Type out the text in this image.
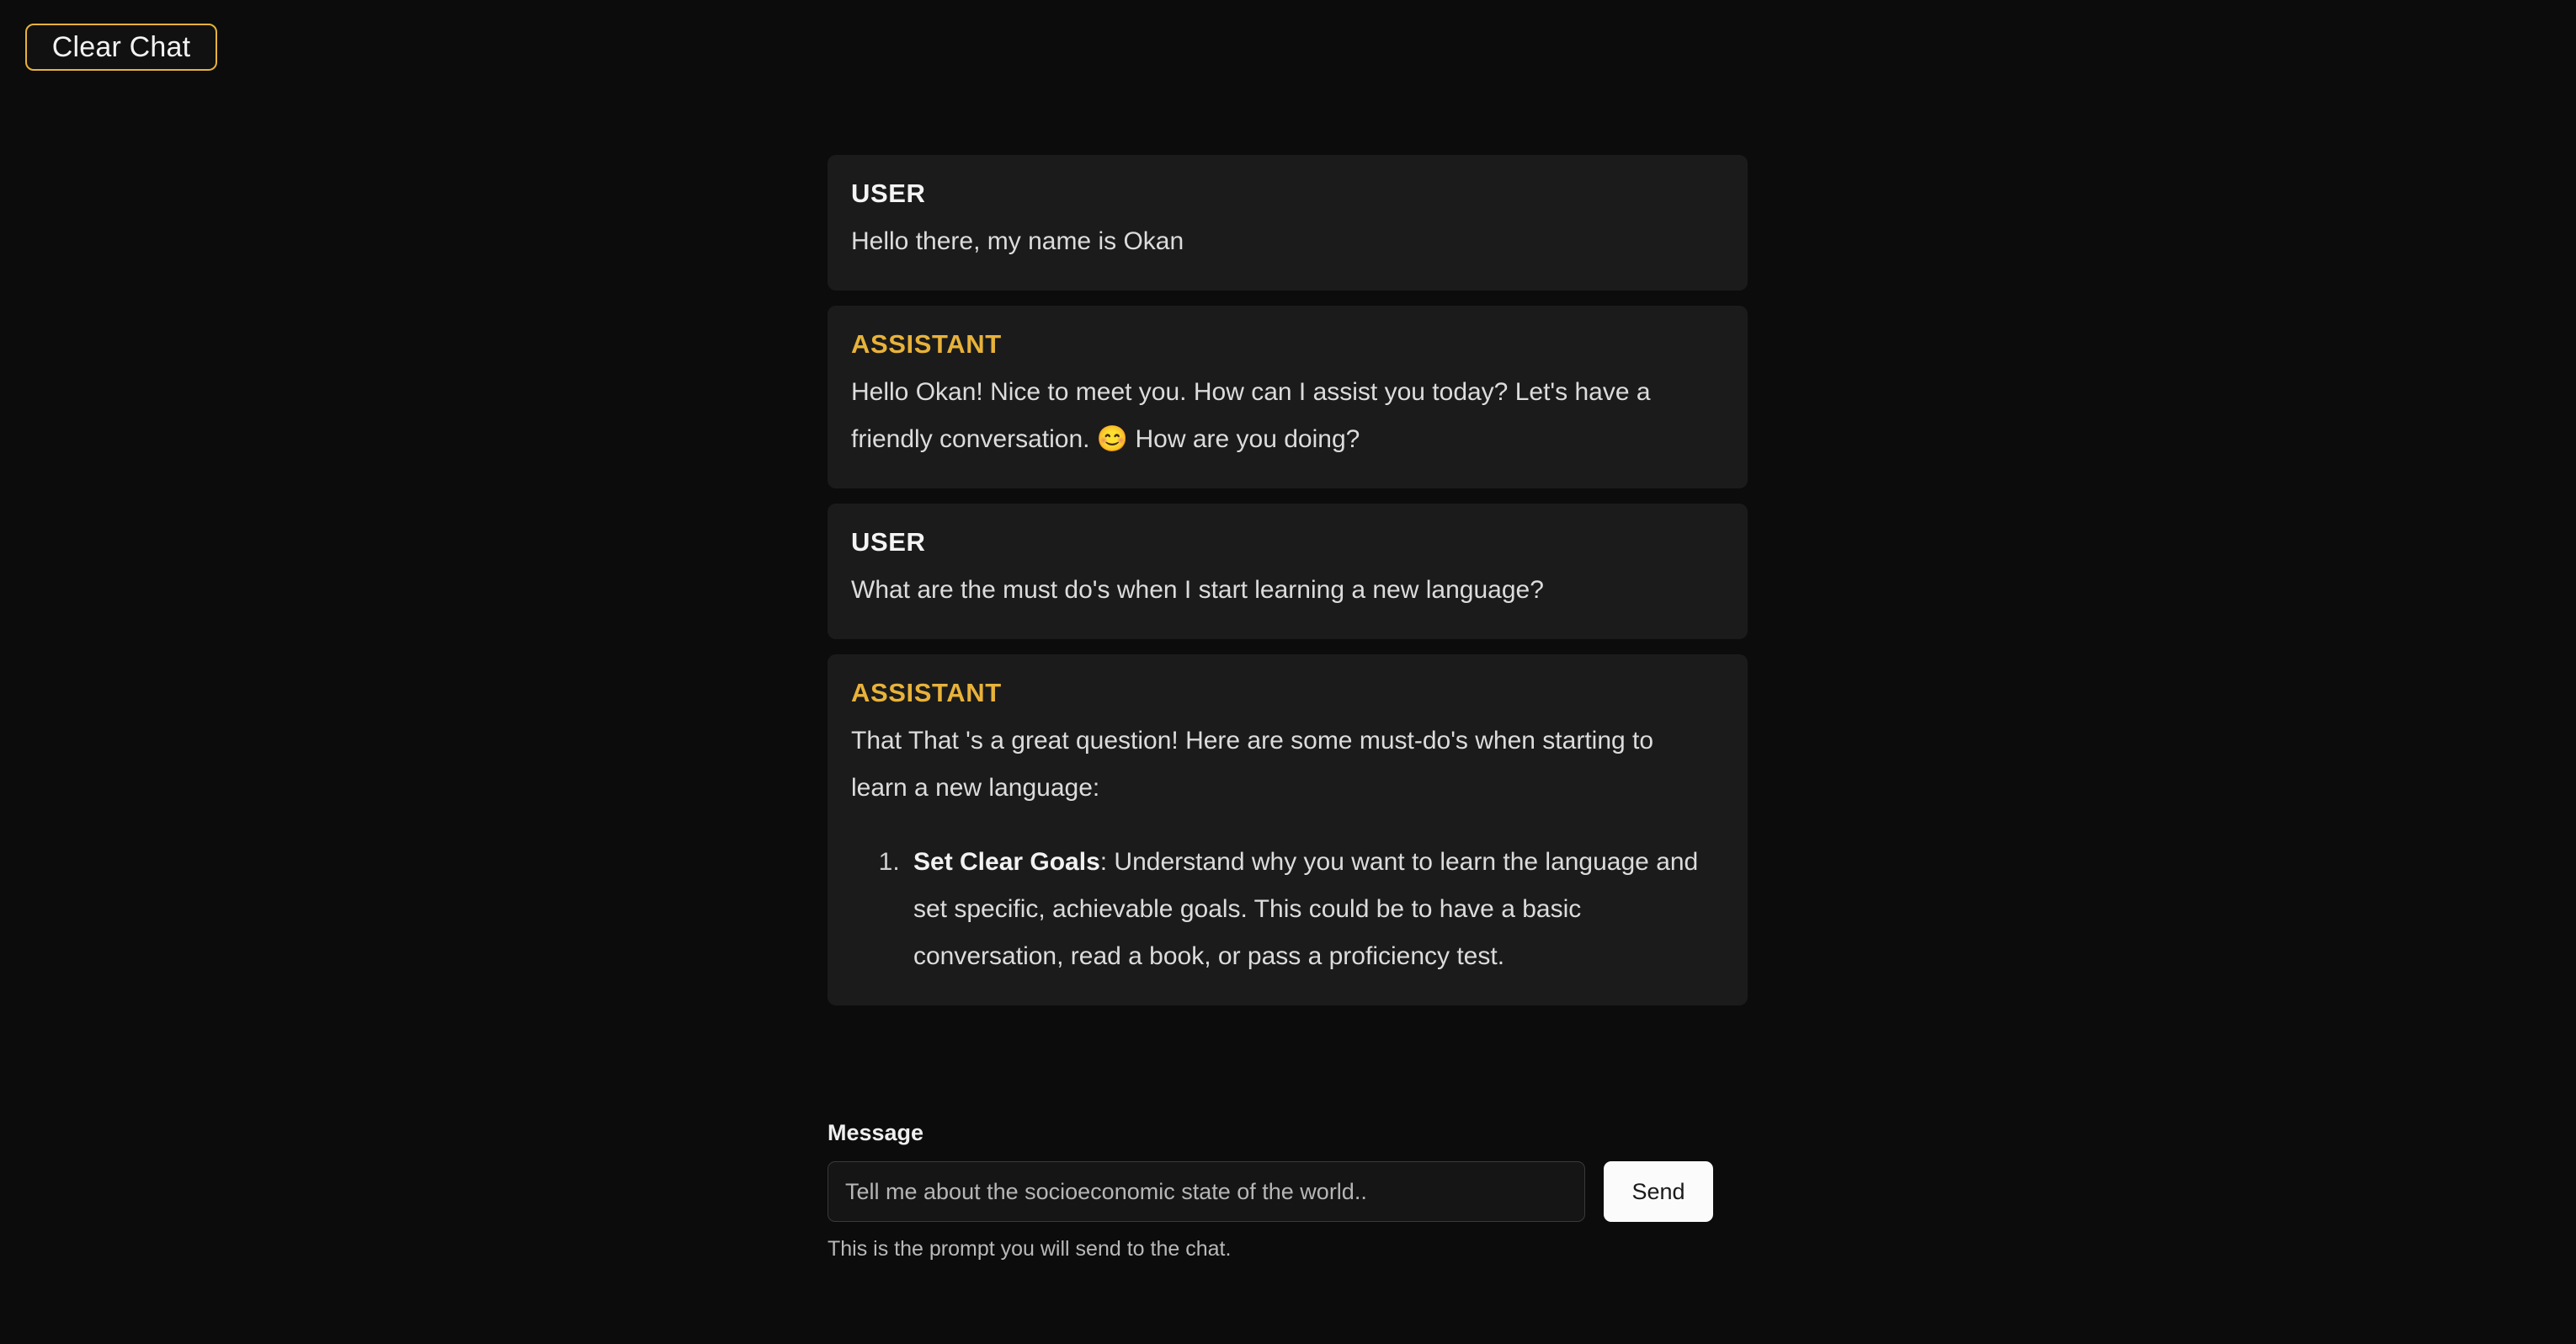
Clear Chat
USER

Hello there, my name is Okan

ASSISTANT

Hello Okan! Nice to meet you. How can I assist you today? Let's have a friendly conversation. 😊 How are you doing?

USER

What are the must do's when I start learning a new language?

ASSISTANT

That That 's a great question! Here are some must-do's when starting to learn a new language:

1. Set Clear Goals: Understand why you want to learn the language and set specific, achievable goals. This could be to have a basic conversation, read a book, or pass a proficiency test.
Message
Tell me about the socioeconomic state of the world..
Send
This is the prompt you will send to the chat.
